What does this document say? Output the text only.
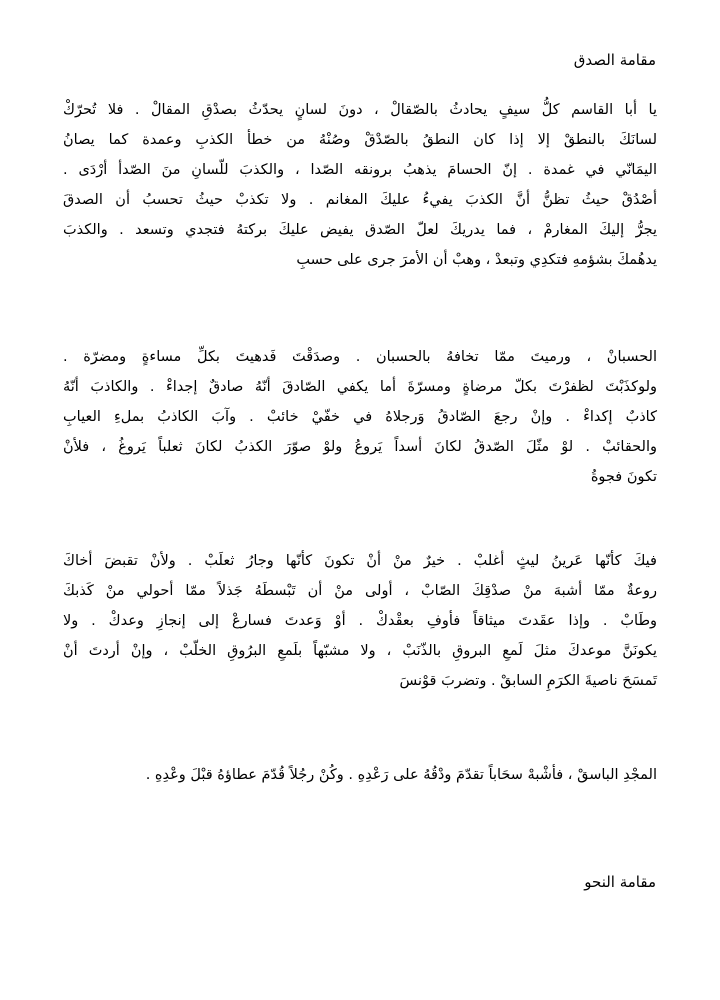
مقامة الصدق
يا أبا القاسم كلُّ سيفٍ يحادثُ بالصّقالْ ، دونَ لسانٍ يحدّثُ بصدْقِ المقالْ . فلا تُحرّكْ
لسانَكَ بالنطقْ إلا إذا كان النطقُ بالصّدْقْ وصُنْهُ من خطأ الكذبِ وعمدة كما يصانُ
اليمَانّي في غمدة . إنّ الحسامَ يذهبُ برونقه الصّدا ، والكذبَ للّسانِ منَ الصّدأ أرْدَى .
أصْدُقْ حيثُ تظنُّ أنَّ الكذبَ يفيءُ عليكَ المغانم . ولا تكذبْ حيثُ تحسبُ أن الصدقَ
يجرُّ إليكَ المغارمْ ، فما يدريكَ لعلّ الصّدق يفيض عليكَ بركتهُ فتجدي وتسعد . والكذبَ
يدهُمكَ بشؤمهِ فتكدِي وتبعدْ ، وهبْ أن الأمرَ جرى على حسبِ
الحسبانْ ، ورميتَ ممّا تخافهُ بالحسبان . وصدَقْتَ فَدهيتَ بكلِّ مساءةٍ ومضرّة .
ولوكذَبْتَ لظفرْتَ بكلّ مرضاةٍ ومسرّةَ أما يكفي الصّادقَ أنّهُ صادقٌ إجداءْ . والكاذبَ أنّهُ
كاذبٌ إكداءْ . وإنْ رجعَ الصّادقُ وَرجلاهُ في خفّيْ خائبْ . وآبَ الكاذبُ بملءِ العيابِ
والحقائبْ . لوْ مثّلَ الصّدقُ لكانَ أسداً يَروعُ ولوْ صوّرَ الكذبُ لكانَ ثعلباً يَروغُ ، فلأنْ
تكونَ فجوةُ
فيكَ كأنّها عَرينُ ليثٍ أغلبْ . خيرٌ منْ أنْ تكونَ كأنّها وجارُ ثعلَبْ . ولأنْ تقبضَ أخاكَ
روعةٌ ممّا أشبهَ منْ صدْقِكَ الصّابْ ، أولى منْ أن تَبْسطَهُ جَذلاً ممّا أحولي منْ كَذبكَ
وطَابْ . وإذا عقَدتَ ميثاقاً فأوفِ بعقْدكْ . أوْ وَعدتَ فسارعْ إلى إنجازِ وعدكْ . ولا
يكونَنَّ موعدكَ مثلَ لَمعِ البروقِ بالذّنَبْ ، ولا مشبّهاً بلَمعِ البرُوقِ الخلّبْ ، وإنْ أردتَ أنْ
تَمسَحَ ناصيةَ الكرَمِ السابقْ . وتضربَ قوْنسَ
المجْدِ الباسقْ ، فأشْبهْ سحَاباً تقدّمَ ودْقُهُ على رَعْدِهِ . وكُنْ رجُلاً قُدّمَ عطاؤهُ قبْلَ وعْدِهِ .
مقامة النحو
